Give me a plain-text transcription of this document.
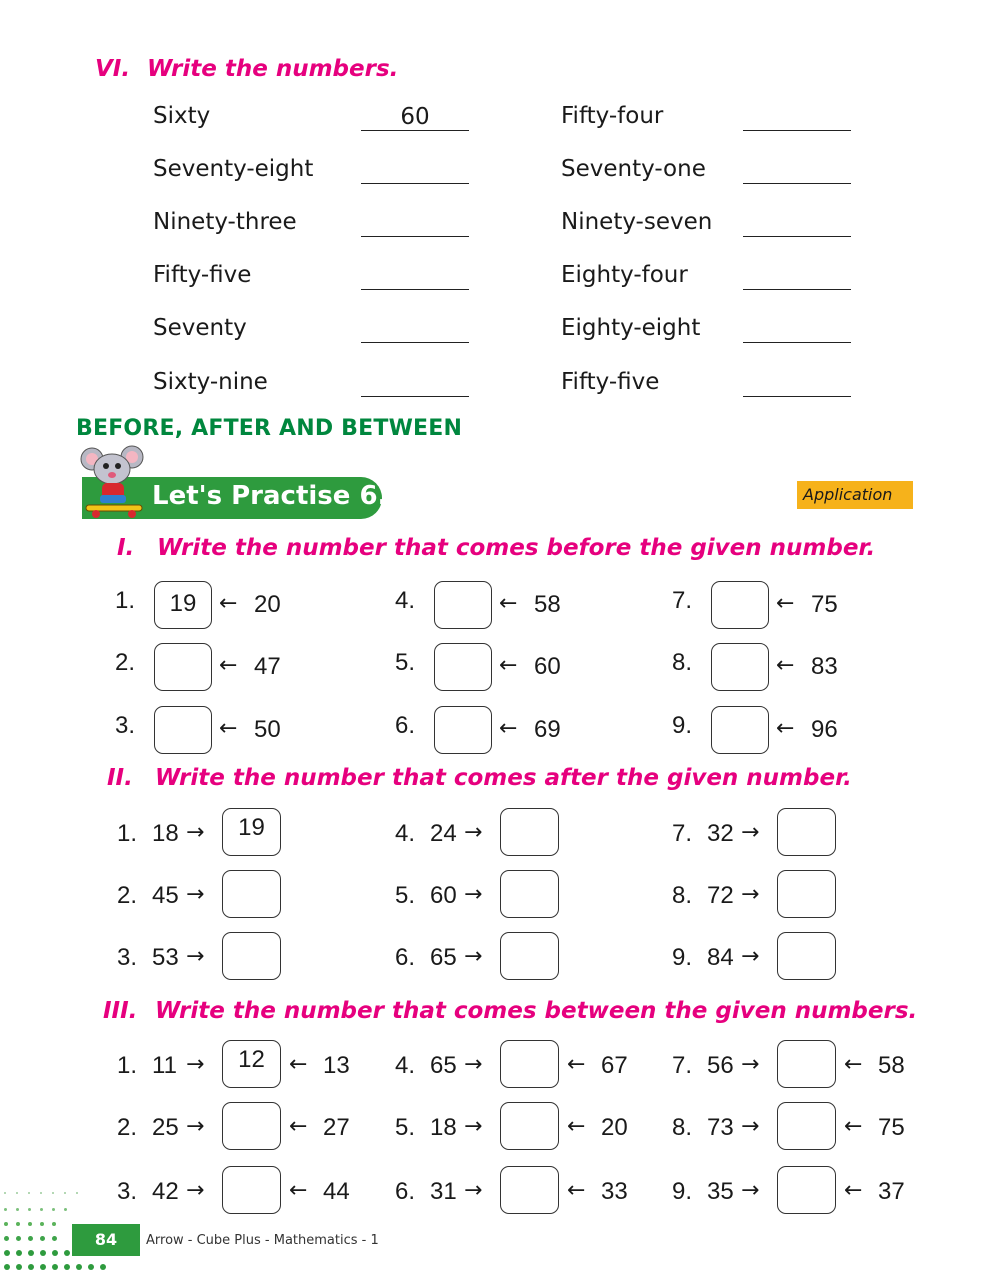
VI. Write the numbers.
Sixty	60	Fifty-four
Seventy-eight	Seventy-one
Ninety-three	Ninety-seven
Fifty-five	Eighty-four
Seventy	Eighty-eight
Sixty-nine	Fifty-five
BEFORE, AFTER AND BETWEEN
Let's Practise 6.3	Application
I. Write the number that comes before the given number.
1.	19	← 20	4.	← 58	7.	← 75
2.	← 47	5.	← 60	8.	← 83
3.	← 50	6.	← 69	9.	← 96
II. Write the number that comes after the given number.
1. 18 →	19	4. 24 →	7. 32 →
2. 45 →	5. 60 →	8. 72 →
3. 53 →	6. 65 →	9. 84 →
III. Write the number that comes between the given numbers.
1. 11 →	12	← 13 4. 65 →	← 67 7. 56 →	← 58
2. 25 →	← 27 5. 18 →	← 20 8. 73 →	← 75
3. 42 →	← 44 6. 31 →	← 33 9. 35 →	← 37
84	Arrow - Cube Plus - Mathematics - 1
